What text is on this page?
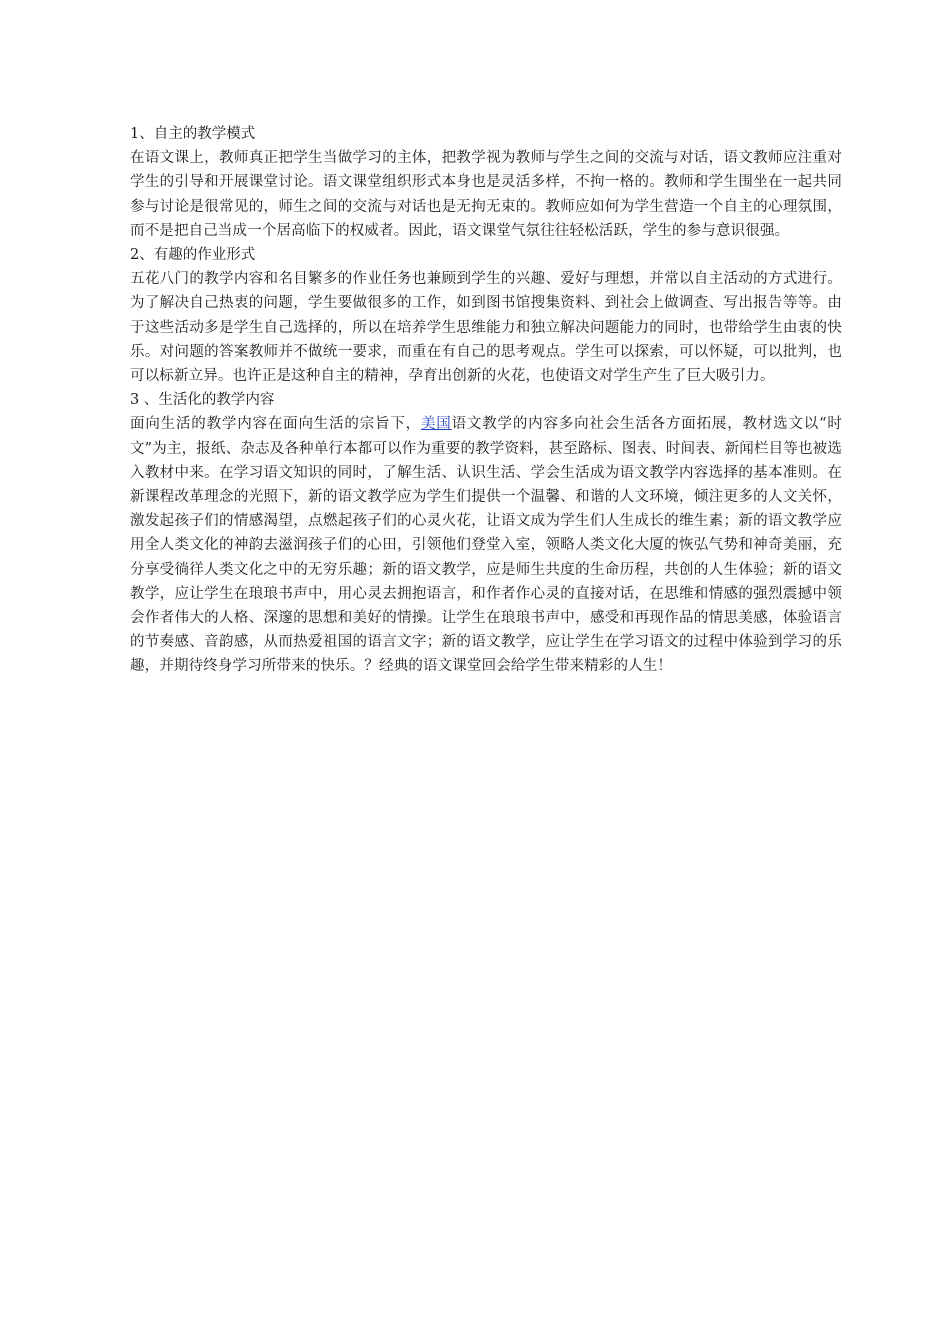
1、自主的教学模式

在语文课上，教师真正把学生当做学习的主体，把教学视为教师与学生之间的交流与对话，语文教师应注重对学生的引导和开展课堂讨论。语文课堂组织形式本身也是灵活多样，不拘一格的。教师和学生围坐在一起共同参与讨论是很常见的，师生之间的交流与对话也是无拘无束的。教师应如何为学生营造一个自主的心理氛围，而不是把自己当成一个居高临下的权威者。因此，语文课堂气氛往往轻松活跃，学生的参与意识很强。

2、有趣的作业形式

五花八门的教学内容和名目繁多的作业任务也兼顾到学生的兴趣、爱好与理想，并常以自主活动的方式进行。为了解决自己热衷的问题，学生要做很多的工作，如到图书馆搜集资料、到社会上做调查、写出报告等等。由于这些活动多是学生自己选择的，所以在培养学生思维能力和独立解决问题能力的同时，也带给学生由衷的快乐。对问题的答案教师并不做统一要求，而重在有自己的思考观点。学生可以探索，可以怀疑，可以批判，也可以标新立异。也许正是这种自主的精神，孕育出创新的火花，也使语文对学生产生了巨大吸引力。

3 、生活化的教学内容

面向生活的教学内容在面向生活的宗旨下，美国语文教学的内容多向社会生活各方面拓展，教材选文以“时文”为主，报纸、杂志及各种单行本都可以作为重要的教学资料，甚至路标、图表、时间表、新闻栏目等也被选入教材中来。在学习语文知识的同时，了解生活、认识生活、学会生活成为语文教学内容选择的基本准则。在新课程改革理念的光照下，新的语文教学应为学生们提供一个温馨、和谐的人文环境，倾注更多的人文关怀，激发起孩子们的情感渴望，点燃起孩子们的心灵火花，让语文成为学生们人生成长的维生素；新的语文教学应用全人类文化的神韵去滋润孩子们的心田，引领他们登堂入室，领略人类文化大厦的恢弘气势和神奇美丽，充分享受徜徉人类文化之中的无穷乐趣；新的语文教学，应是师生共度的生命历程，共创的人生体验；新的语文教学，应让学生在琅琅书声中，用心灵去拥抱语言，和作者作心灵的直接对话，在思维和情感的强烈震撼中领会作者伟大的人格、深邃的思想和美好的情操。让学生在琅琅书声中，感受和再现作品的情思美感，体验语言的节奏感、音韵感，从而热爱祖国的语言文字；新的语文教学，应让学生在学习语文的过程中体验到学习的乐趣，并期待终身学习所带来的快乐。？经典的语文课堂回会给学生带来精彩的人生！
